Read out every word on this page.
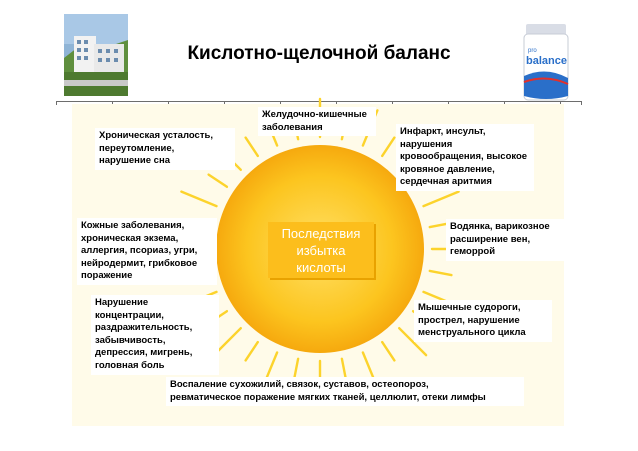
Кислотно-щелочной баланс	pro
balance
Последствия
избытка
кислоты
Желудочно-кишечные
заболевания
Хроническая усталость,
переутомление,
нарушение сна
Инфаркт, инсульт,
нарушения
кровообращения, высокое
кровяное давление,
сердечная аритмия
Кожные заболевания,
хроническая экзема,
аллергия, псориаз, угри,
нейродермит, грибковое
поражение
Водянка, варикозное
расширение вен,
геморрой
Нарушение
концентрации,
раздражительность,
забывчивость,
депрессия, мигрень,
головная боль
Мышечные судороги,
прострел, нарушение
менструального цикла
Воспаление сухожилий, связок, суставов, остеопороз,
ревматическое поражение мягких тканей, целлюлит, отеки лимфы
